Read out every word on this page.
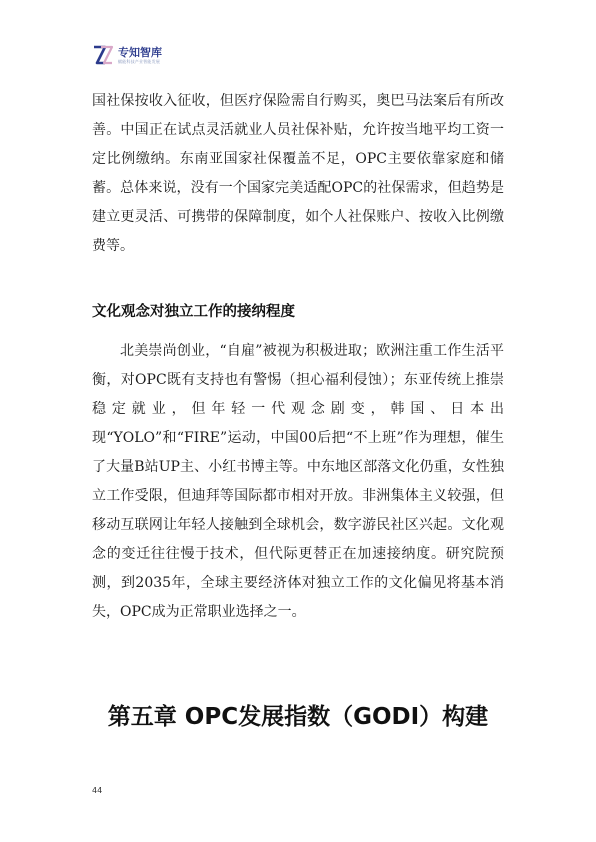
专知智库
赋能科技产业智能发展

国社保按收入征收，但医疗保险需自行购买，奥巴马法案后有所改善。中国正在试点灵活就业人员社保补贴，允许按当地平均工资一定比例缴纳。东南亚国家社保覆盖不足，OPC主要依靠家庭和储蓄。总体来说，没有一个国家完美适配OPC的社保需求，但趋势是建立更灵活、可携带的保障制度，如个人社保账户、按收入比例缴费等。

文化观念对独立工作的接纳程度

北美崇尚创业，“自雇”被视为积极进取；欧洲注重工作生活平衡，对OPC既有支持也有警惕（担心福利侵蚀）；东亚传统上推崇稳定就业，但年轻一代观念剧变，韩国、日本出现“YOLO”和“FIRE”运动，中国00后把“不上班”作为理想，催生了大量B站UP主、小红书博主等。中东地区部落文化仍重，女性独立工作受限，但迪拜等国际都市相对开放。非洲集体主义较强，但移动互联网让年轻人接触到全球机会，数字游民社区兴起。文化观念的变迁往往慢于技术，但代际更替正在加速接纳度。研究院预测，到2035年，全球主要经济体对独立工作的文化偏见将基本消失，OPC成为正常职业选择之一。

第五章 OPC发展指数（GODI）构建
44
